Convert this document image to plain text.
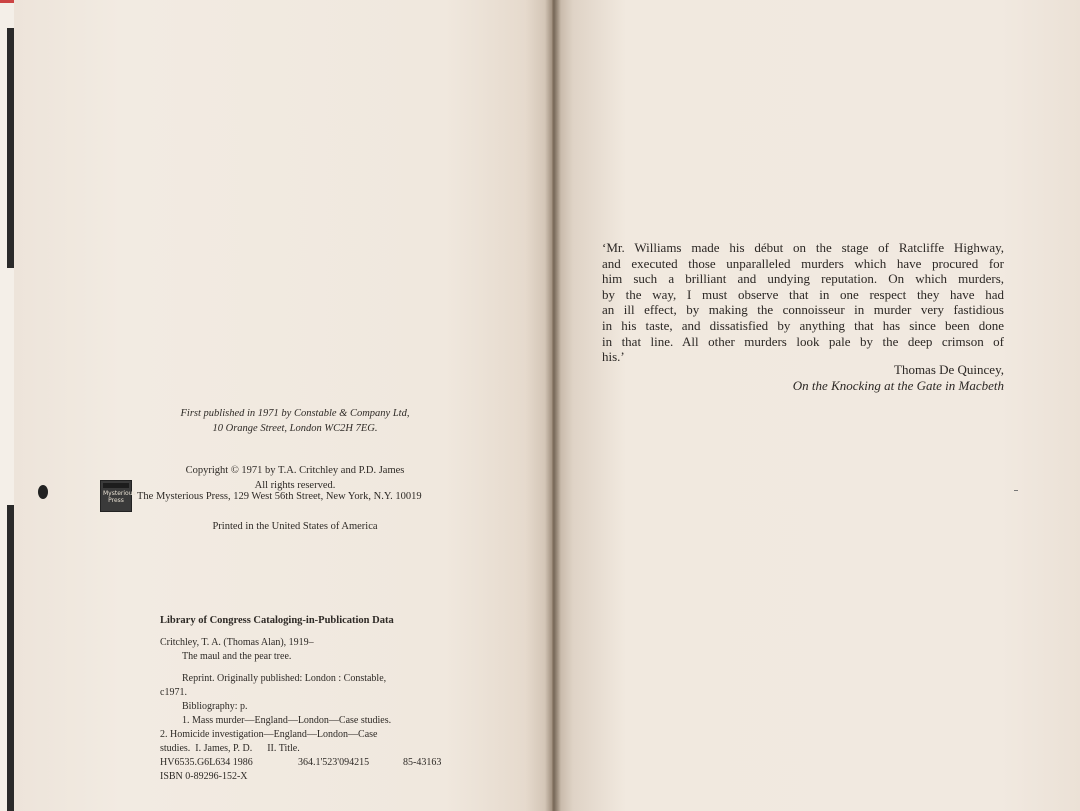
First published in 1971 by Constable & Company Ltd,
10 Orange Street, London WC2H 7EG.
Copyright © 1971 by T.A. Critchley and P.D. James
All rights reserved.
Mysterious Press	The Mysterious Press, 129 West 56th Street, New York, N.Y. 10019
Printed in the United States of America
Library of Congress Cataloging-in-Publication Data
Critchley, T. A. (Thomas Alan), 1919–
The maul and the pear tree.
Reprint. Originally published: London : Constable,
c1971.
Bibliography: p.
1. Mass murder—England—London—Case studies.
2. Homicide investigation—England—London—Case
studies.  I. James, P. D.      II. Title.
HV6535.G6L634 1986	364.1'523'094215	85-43163
ISBN 0-89296-152-X
‘Mr. Williams made his début on the stage of Ratcliffe Highway,
and executed those unparalleled murders which have procured for
him such a brilliant and undying reputation. On which murders,
by the way, I must observe that in one respect they have had
an ill effect, by making the connoisseur in murder very fastidious
in his taste, and dissatisfied by anything that has since been done
in that line. All other murders look pale by the deep crimson of
his.’
Thomas De Quincey,
On the Knocking at the Gate in Macbeth
